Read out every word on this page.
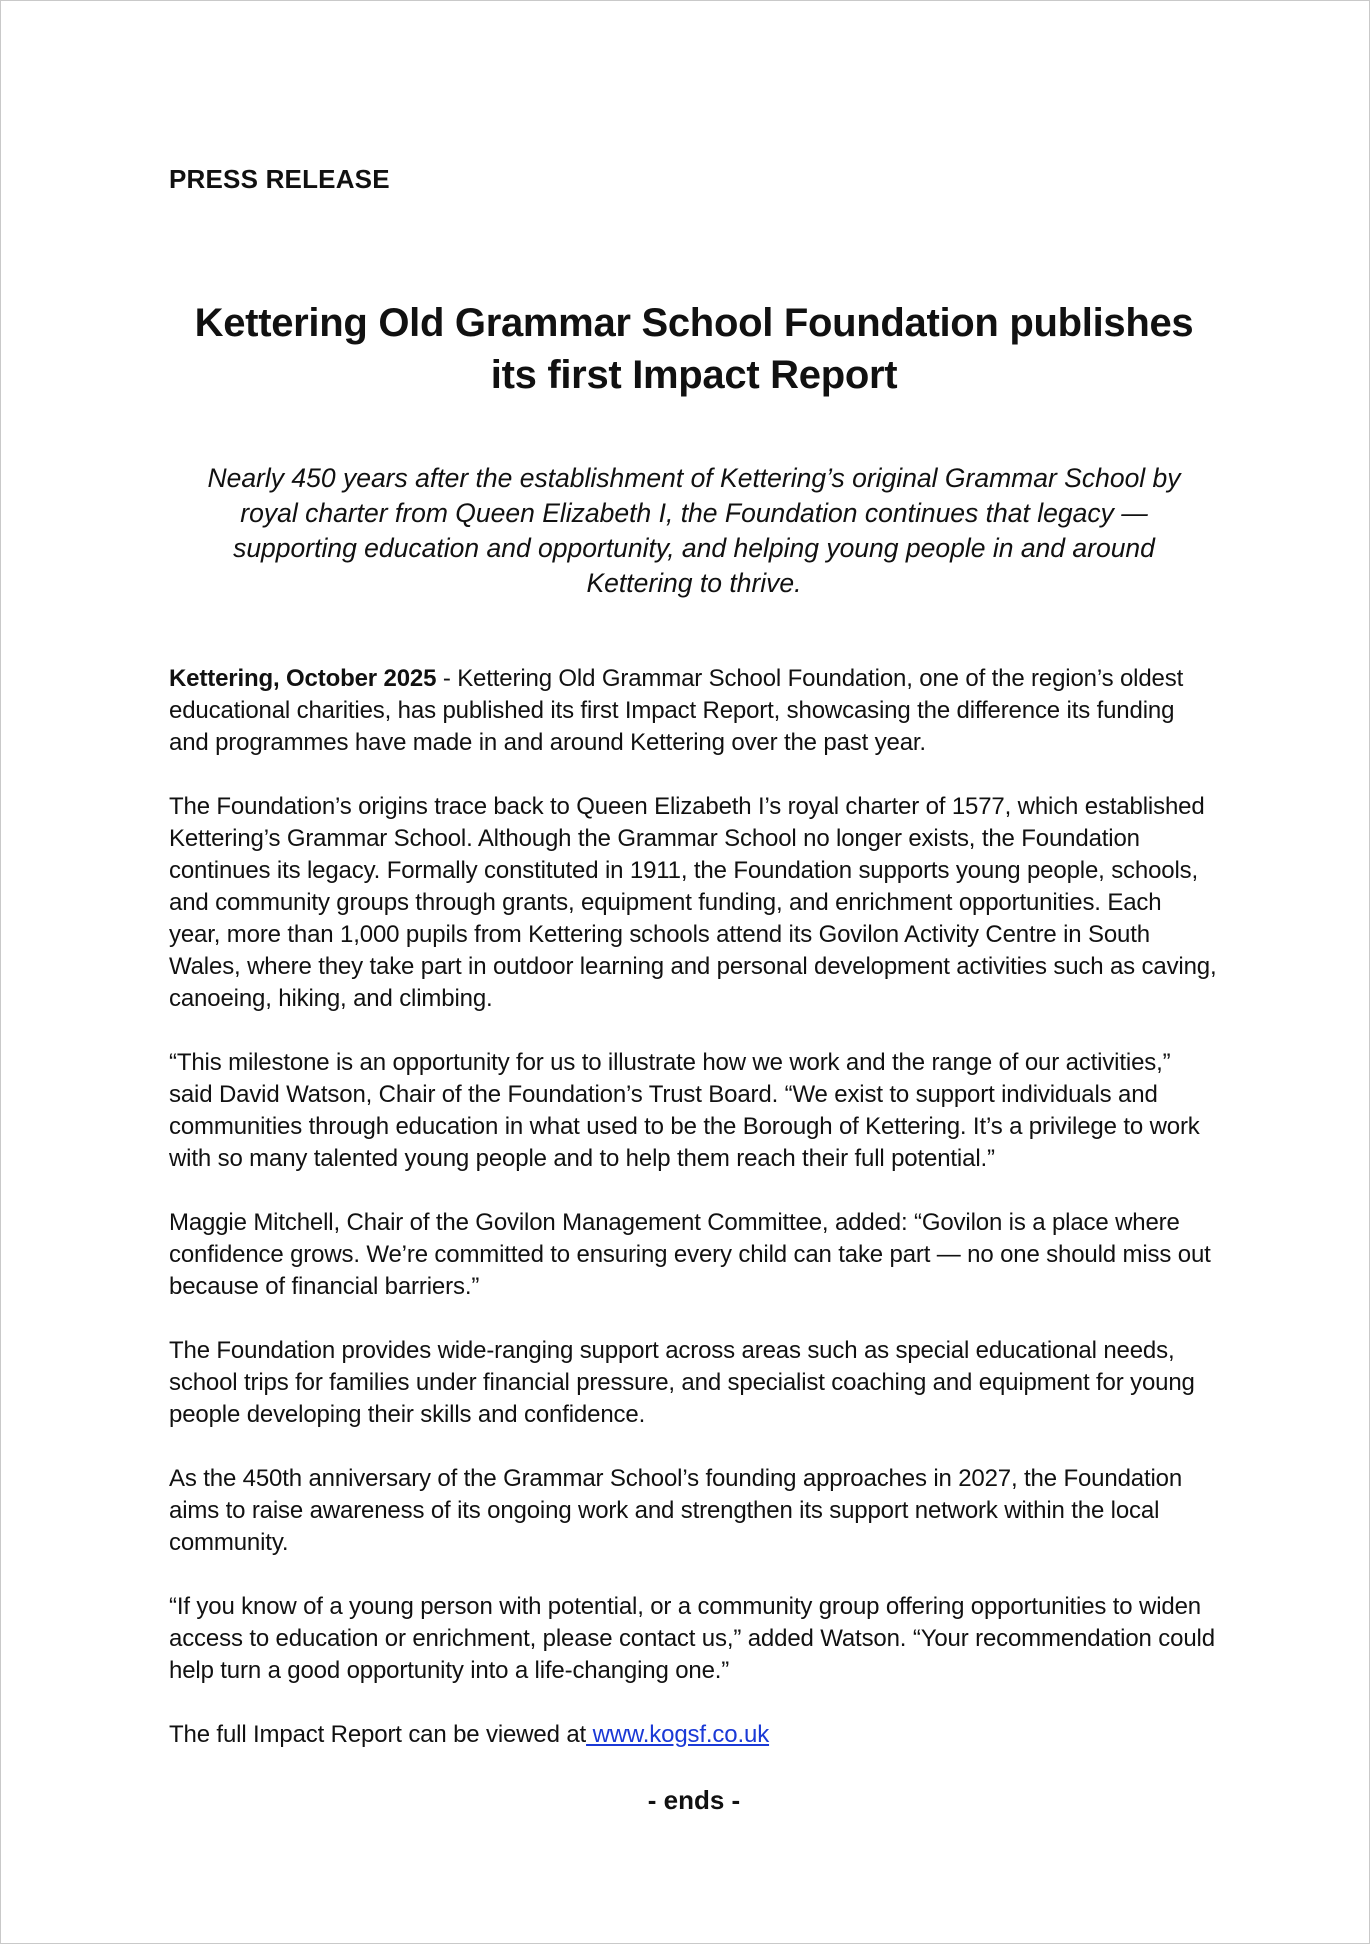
PRESS RELEASE

Kettering Old Grammar School Foundation publishes its first Impact Report

Nearly 450 years after the establishment of Kettering’s original Grammar School by royal charter from Queen Elizabeth I, the Foundation continues that legacy — supporting education and opportunity, and helping young people in and around Kettering to thrive.

Kettering, October 2025 - Kettering Old Grammar School Foundation, one of the region’s oldest educational charities, has published its first Impact Report, showcasing the difference its funding and programmes have made in and around Kettering over the past year.

The Foundation’s origins trace back to Queen Elizabeth I’s royal charter of 1577, which established Kettering’s Grammar School. Although the Grammar School no longer exists, the Foundation continues its legacy. Formally constituted in 1911, the Foundation supports young people, schools, and community groups through grants, equipment funding, and enrichment opportunities. Each year, more than 1,000 pupils from Kettering schools attend its Govilon Activity Centre in South Wales, where they take part in outdoor learning and personal development activities such as caving, canoeing, hiking, and climbing.

“This milestone is an opportunity for us to illustrate how we work and the range of our activities,” said David Watson, Chair of the Foundation’s Trust Board. “We exist to support individuals and communities through education in what used to be the Borough of Kettering. It’s a privilege to work with so many talented young people and to help them reach their full potential.”

Maggie Mitchell, Chair of the Govilon Management Committee, added: “Govilon is a place where confidence grows. We’re committed to ensuring every child can take part — no one should miss out because of financial barriers.”

The Foundation provides wide-ranging support across areas such as special educational needs, school trips for families under financial pressure, and specialist coaching and equipment for young people developing their skills and confidence.

As the 450th anniversary of the Grammar School’s founding approaches in 2027, the Foundation aims to raise awareness of its ongoing work and strengthen its support network within the local community.

“If you know of a young person with potential, or a community group offering opportunities to widen access to education or enrichment, please contact us,” added Watson. “Your recommendation could help turn a good opportunity into a life-changing one.”

The full Impact Report can be viewed at www.kogsf.co.uk

- ends -
